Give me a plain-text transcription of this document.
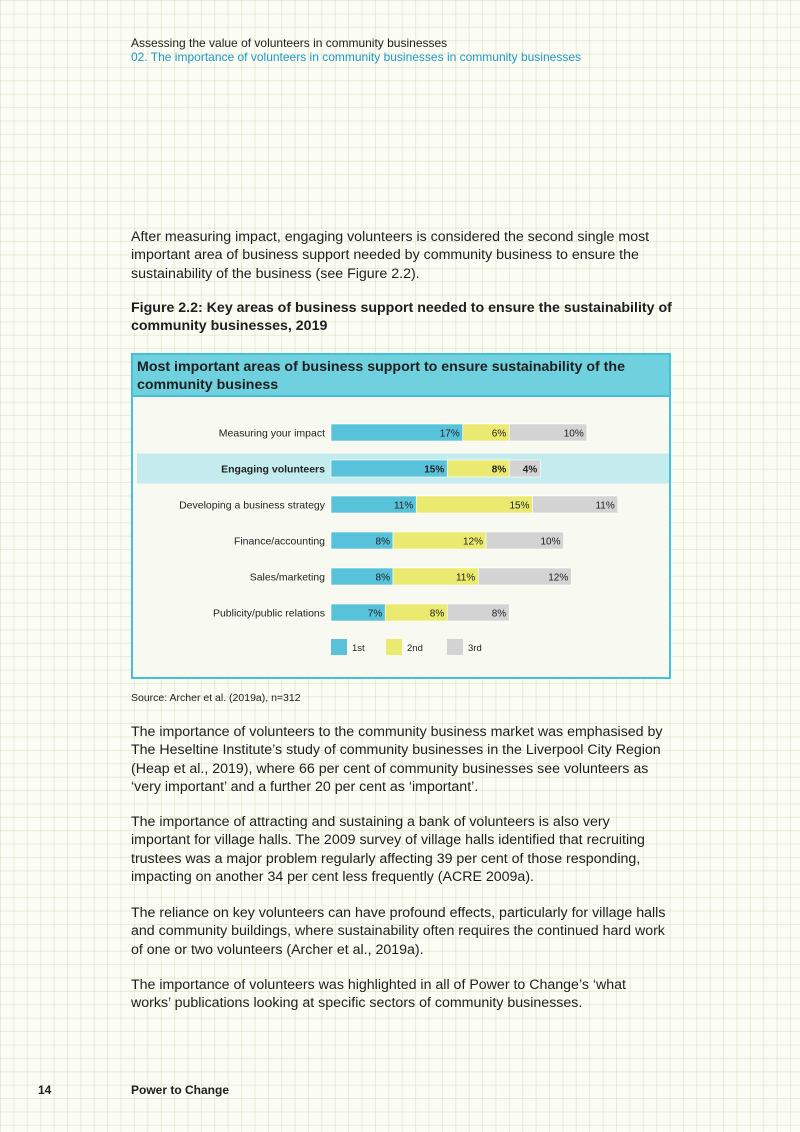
Assessing the value of volunteers in community businesses
02. The importance of volunteers in community businesses in community businesses

After measuring impact, engaging volunteers is considered the second single most important area of business support needed by community business to ensure the sustainability of the business (see Figure 2.2).

Figure 2.2: Key areas of business support needed to ensure the sustainability of community businesses, 2019

Most important areas of business support to ensure sustainability of the community business
Measuring your impact	17%	6%	10%
Engaging volunteers	15%	8% 4%
Developing a business strategy	11%	15%	11%
Finance/accounting	8%	12%	10%
Sales/marketing	8%	11%	12%
Publicity/public relations	7%	8%	8%
1st	2nd	3rd
Source: Archer et al. (2019a), n=312

The importance of volunteers to the community business market was emphasised by The Heseltine Institute’s study of community businesses in the Liverpool City Region (Heap et al., 2019), where 66 per cent of community businesses see volunteers as ‘very important’ and a further 20 per cent as ‘important’.

The importance of attracting and sustaining a bank of volunteers is also very important for village halls. The 2009 survey of village halls identified that recruiting trustees was a major problem regularly affecting 39 per cent of those responding, impacting on another 34 per cent less frequently (ACRE 2009a).

The reliance on key volunteers can have profound effects, particularly for village halls and community buildings, where sustainability often requires the continued hard work of one or two volunteers (Archer et al., 2019a).

The importance of volunteers was highlighted in all of Power to Change’s ‘what works’ publications looking at specific sectors of community businesses.

14	Power to Change
